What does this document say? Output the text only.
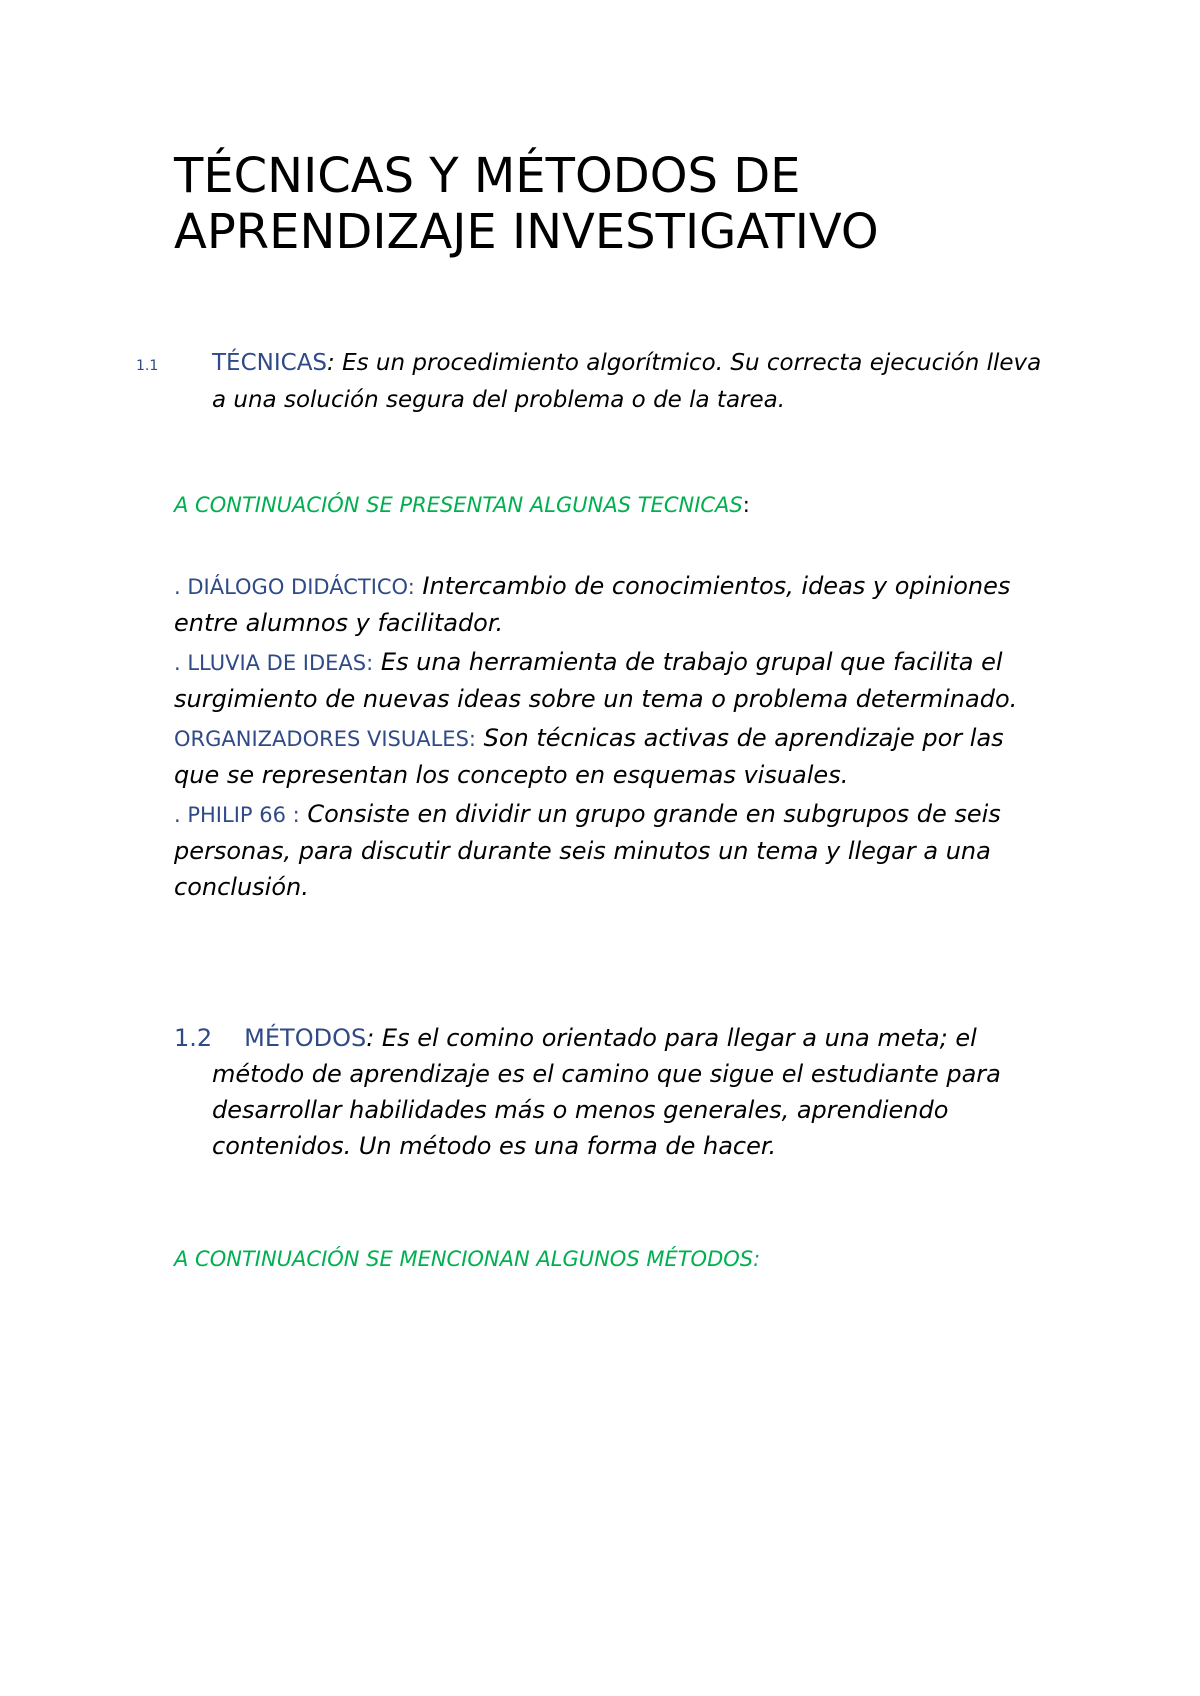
TÉCNICAS Y MÉTODOS DE
APRENDIZAJE INVESTIGATIVO
1.1 TÉCNICAS: Es un procedimiento algorítmico. Su correcta ejecución lleva a una solución segura del problema o de la tarea.
A CONTINUACIÓN SE PRESENTAN ALGUNAS TECNICAS:

. DIÁLOGO DIDÁCTICO: Intercambio de conocimientos, ideas y opiniones entre alumnos y facilitador.

. LLUVIA DE IDEAS: Es una herramienta de trabajo grupal que facilita el surgimiento de nuevas ideas sobre un tema o problema determinado.

ORGANIZADORES VISUALES: Son técnicas activas de aprendizaje por las que se representan los concepto en esquemas visuales.

. PHILIP 66 : Consiste en dividir un grupo grande en subgrupos de seis personas, para discutir durante seis minutos un tema y llegar a una conclusión.

1.2 MÉTODOS: Es el comino orientado para llegar a una meta; el método de aprendizaje es el camino que sigue el estudiante para desarrollar habilidades más o menos generales, aprendiendo contenidos. Un método es una forma de hacer.
A CONTINUACIÓN SE MENCIONAN ALGUNOS MÉTODOS:
